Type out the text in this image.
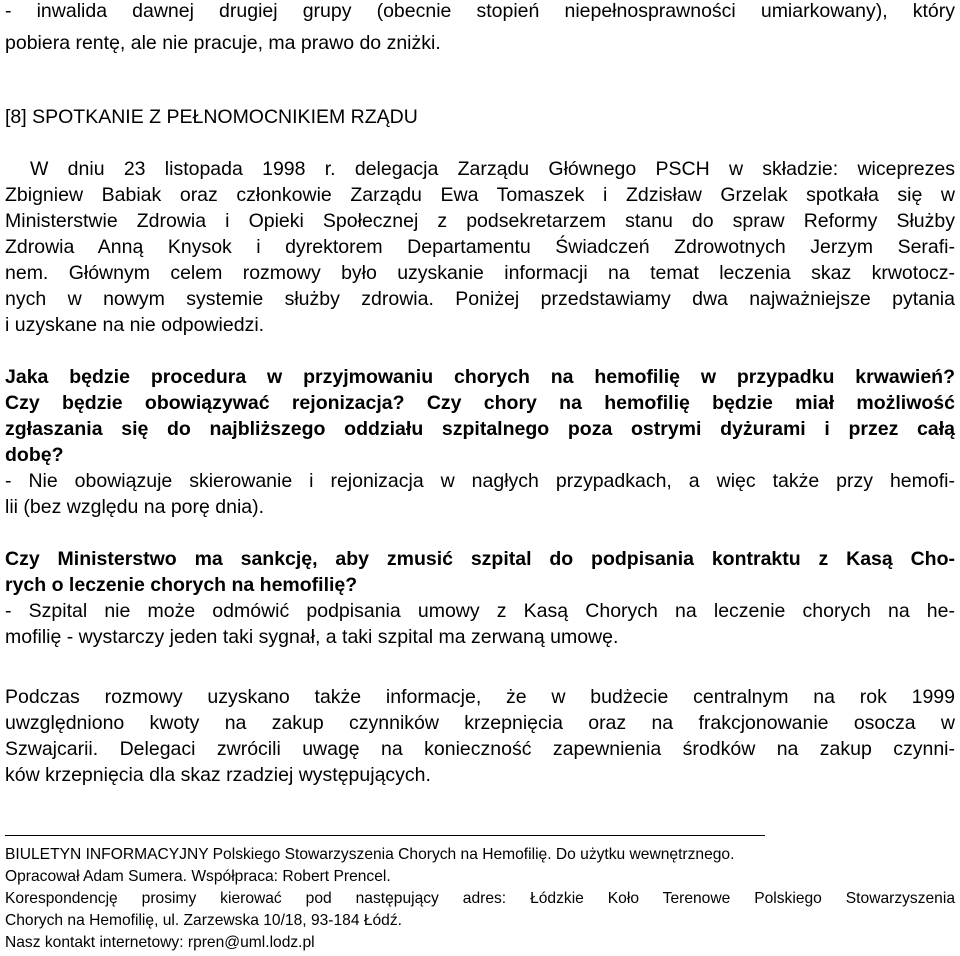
- inwalida dawnej drugiej grupy (obecnie stopień niepełnosprawności umiarkowany), który
pobiera rentę, ale nie pracuje, ma prawo do zniżki.
[8] SPOTKANIE Z PEŁNOMOCNIKIEM RZĄDU
W dniu 23 listopada 1998 r. delegacja Zarządu Głównego PSCH w składzie: wiceprezes
Zbigniew Babiak oraz członkowie Zarządu Ewa Tomaszek i Zdzisław Grzelak spotkała się w
Ministerstwie Zdrowia i Opieki Społecznej z podsekretarzem stanu do spraw Reformy Służby
Zdrowia Anną Knysok i dyrektorem Departamentu Świadczeń Zdrowotnych Jerzym Serafi-
nem. Głównym celem rozmowy było uzyskanie informacji na temat leczenia skaz krwotocz-
nych w nowym systemie służby zdrowia. Poniżej przedstawiamy dwa najważniejsze pytania
i uzyskane na nie odpowiedzi.
Jaka będzie procedura w przyjmowaniu chorych na hemofilię w przypadku krwawień?
Czy będzie obowiązywać rejonizacja? Czy chory na hemofilię będzie miał możliwość
zgłaszania się do najbliższego oddziału szpitalnego poza ostrymi dyżurami i przez całą
dobę?
- Nie obowiązuje skierowanie i rejonizacja w nagłych przypadkach, a więc także przy hemofi-
lii (bez względu na porę dnia).
Czy Ministerstwo ma sankcję, aby zmusić szpital do podpisania kontraktu z Kasą Cho-
rych o leczenie chorych na hemofilię?
- Szpital nie może odmówić podpisania umowy z Kasą Chorych na leczenie chorych na he-
mofilię - wystarczy jeden taki sygnał, a taki szpital ma zerwaną umowę.
Podczas rozmowy uzyskano także informacje, że w budżecie centralnym na rok 1999
uwzględniono kwoty na zakup czynników krzepnięcia oraz na frakcjonowanie osocza w
Szwajcarii. Delegaci zwrócili uwagę na konieczność zapewnienia środków na zakup czynni-
ków krzepnięcia dla skaz rzadziej występujących.
BIULETYN INFORMACYJNY Polskiego Stowarzyszenia Chorych na Hemofilię. Do użytku wewnętrznego.
Opracował Adam Sumera. Współpraca: Robert Prencel.
Korespondencję prosimy kierować pod następujący adres: Łódzkie Koło Terenowe Polskiego Stowarzyszenia
Chorych na Hemofilię, ul. Zarzewska 10/18, 93-184 Łódź.
Nasz kontakt internetowy: rpren@uml.lodz.pl
